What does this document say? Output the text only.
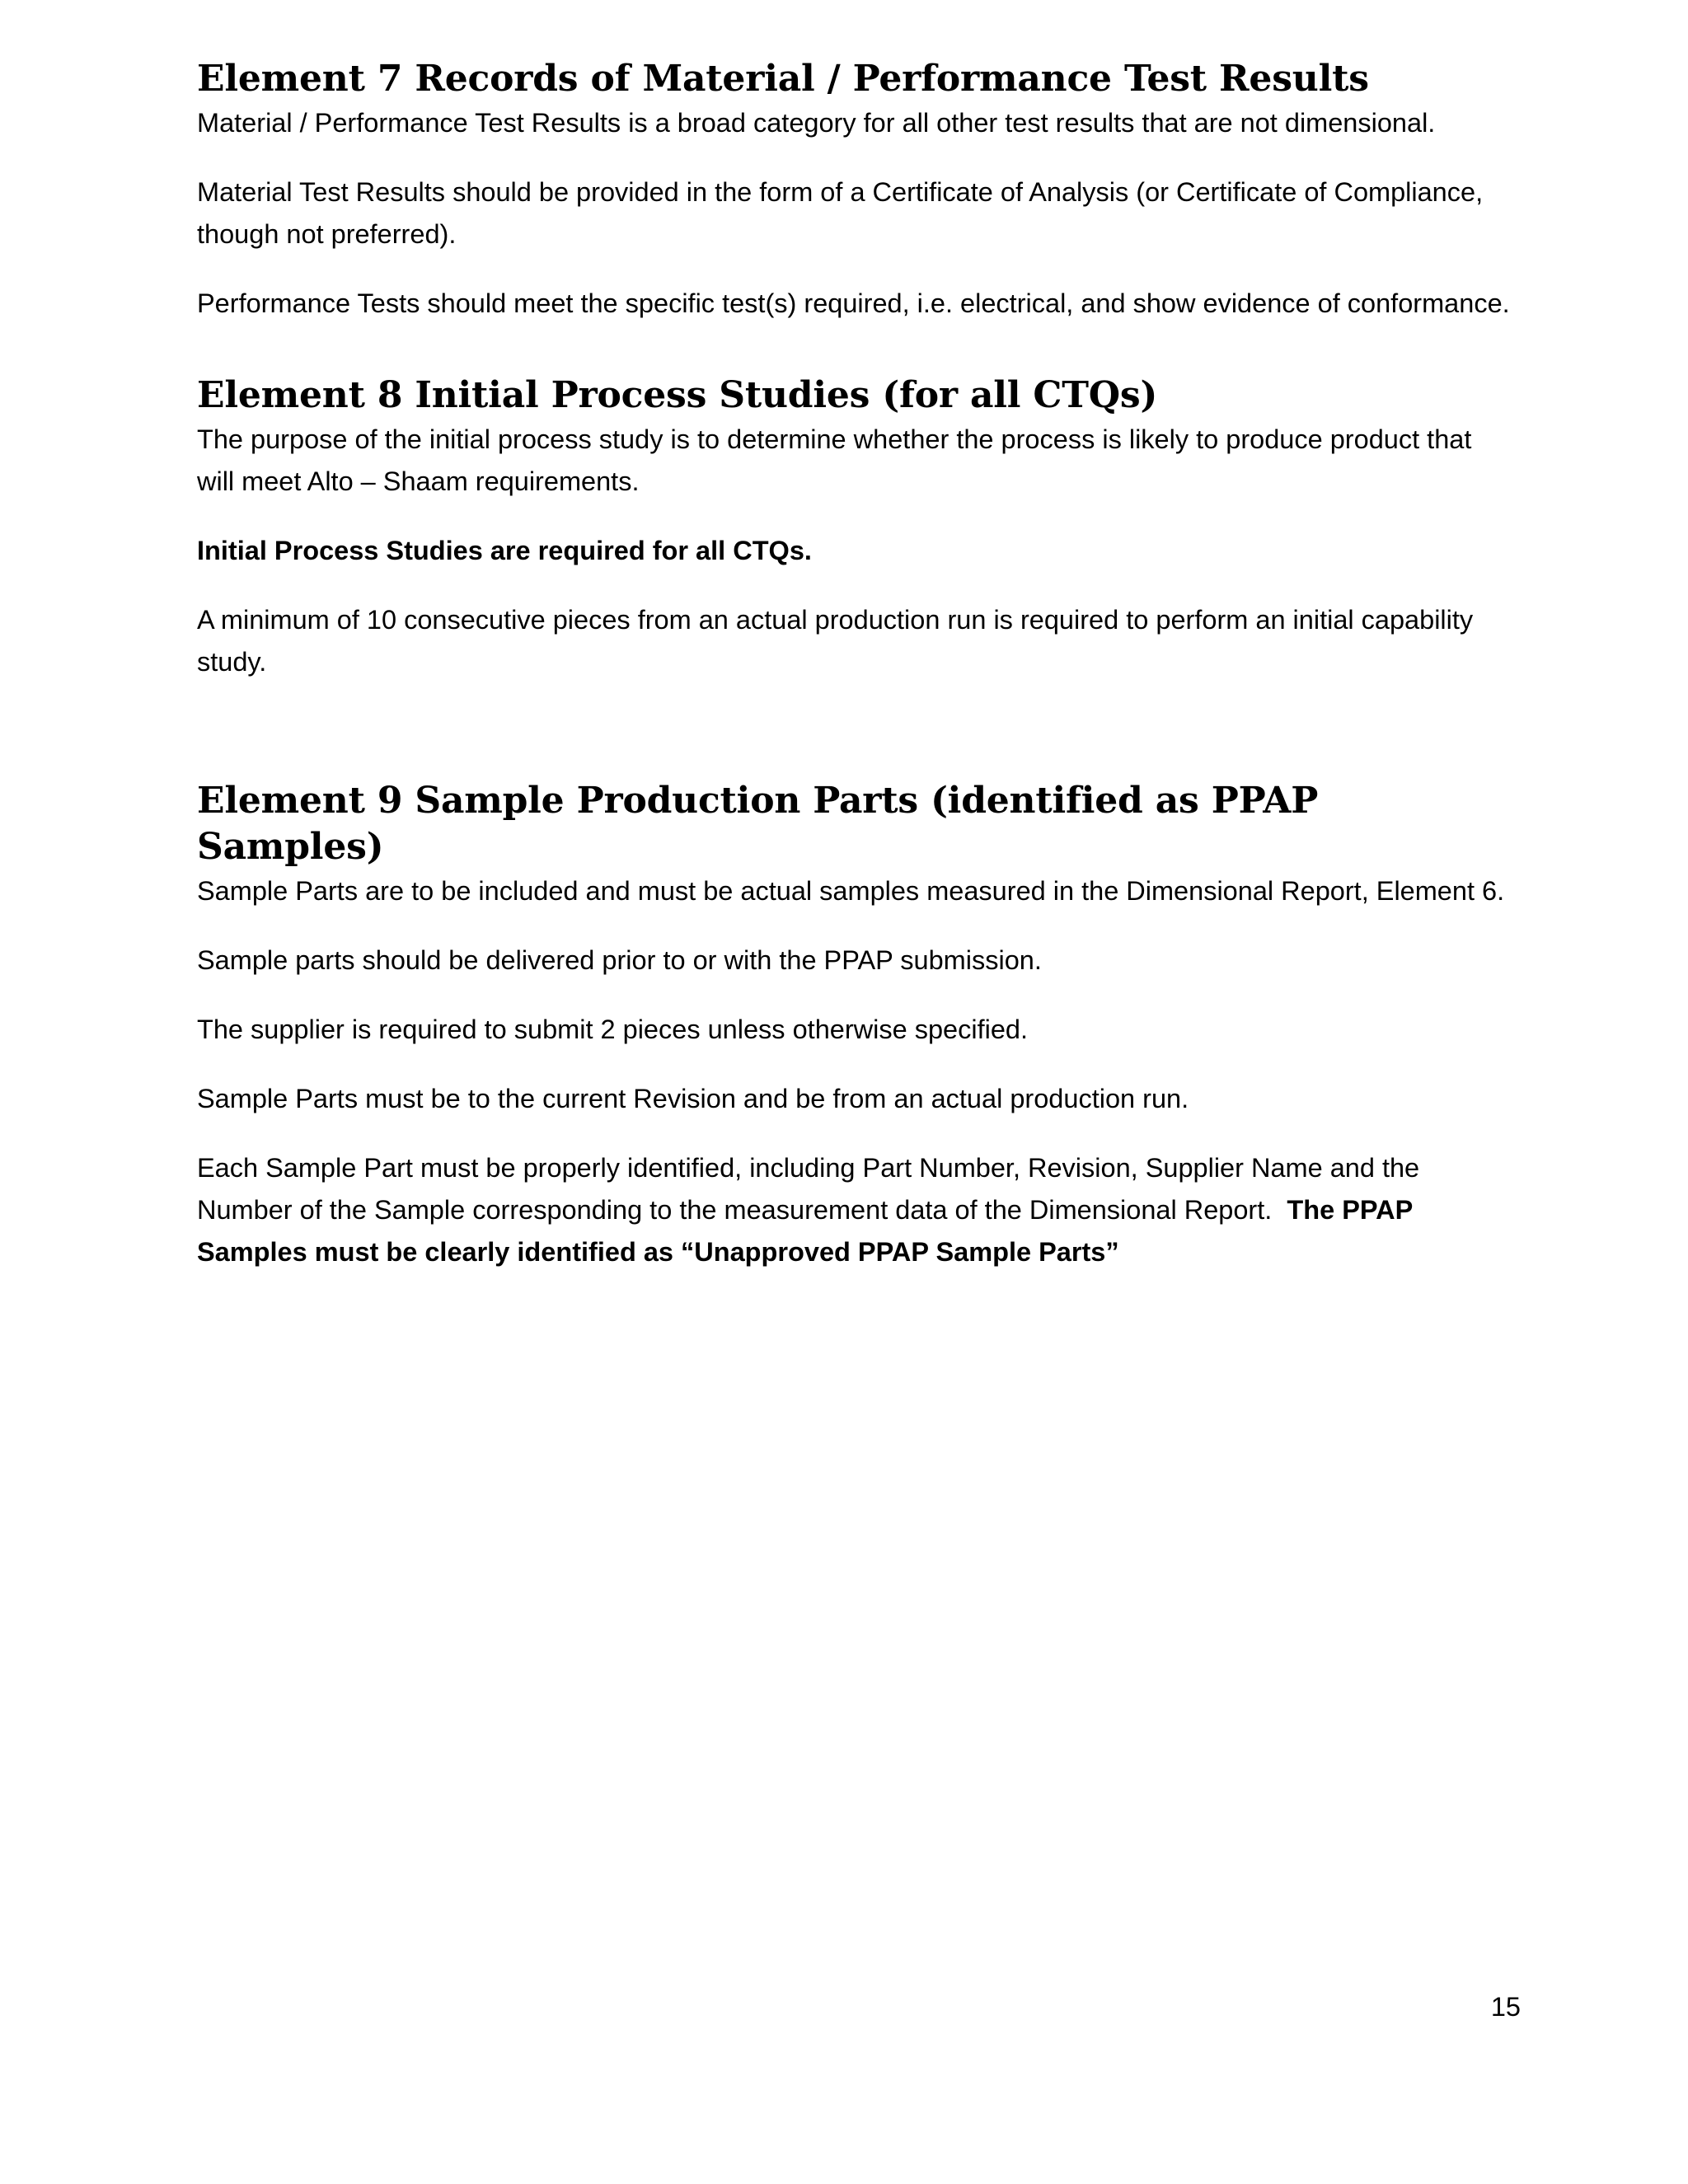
Element 7 Records of Material / Performance Test Results

Material / Performance Test Results is a broad category for all other test results that are not dimensional.

Material Test Results should be provided in the form of a Certificate of Analysis (or Certificate of Compliance, though not preferred).

Performance Tests should meet the specific test(s) required, i.e. electrical, and show evidence of conformance.

Element 8 Initial Process Studies (for all CTQs)

The purpose of the initial process study is to determine whether the process is likely to produce product that will meet Alto – Shaam requirements.

Initial Process Studies are required for all CTQs.

A minimum of 10 consecutive pieces from an actual production run is required to perform an initial capability study.

Element 9 Sample Production Parts (identified as PPAP Samples)

Sample Parts are to be included and must be actual samples measured in the Dimensional Report, Element 6.

Sample parts should be delivered prior to or with the PPAP submission.

The supplier is required to submit 2 pieces unless otherwise specified.

Sample Parts must be to the current Revision and be from an actual production run.

Each Sample Part must be properly identified, including Part Number, Revision, Supplier Name and the Number of the Sample corresponding to the measurement data of the Dimensional Report. The PPAP Samples must be clearly identified as “Unapproved PPAP Sample Parts”

15
